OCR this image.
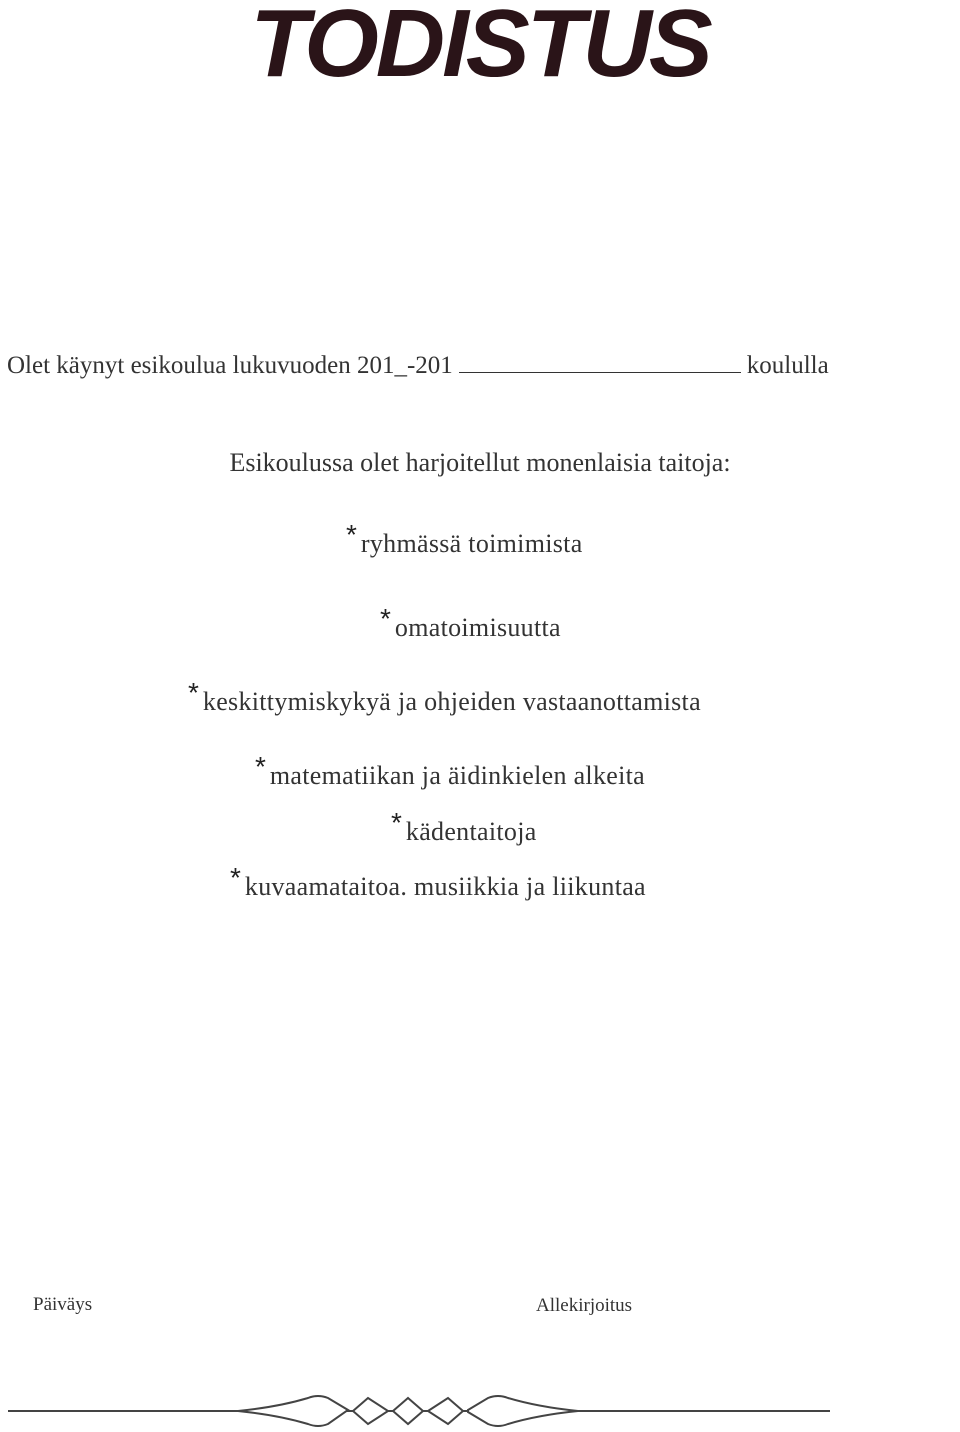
TODISTUS
Olet käynyt esikoulua lukuvuoden 201_-201	koululla
Esikoulussa olet harjoitellut monenlaisia taitoja:
* ryhmässä toimimista
* omatoimisuutta
* keskittymiskykyä ja ohjeiden vastaanottamista
* matematiikan ja äidinkielen alkeita
* kädentaitoja
* kuvaamataitoa. musiikkia ja liikuntaa
Päiväys	Allekirjoitus
